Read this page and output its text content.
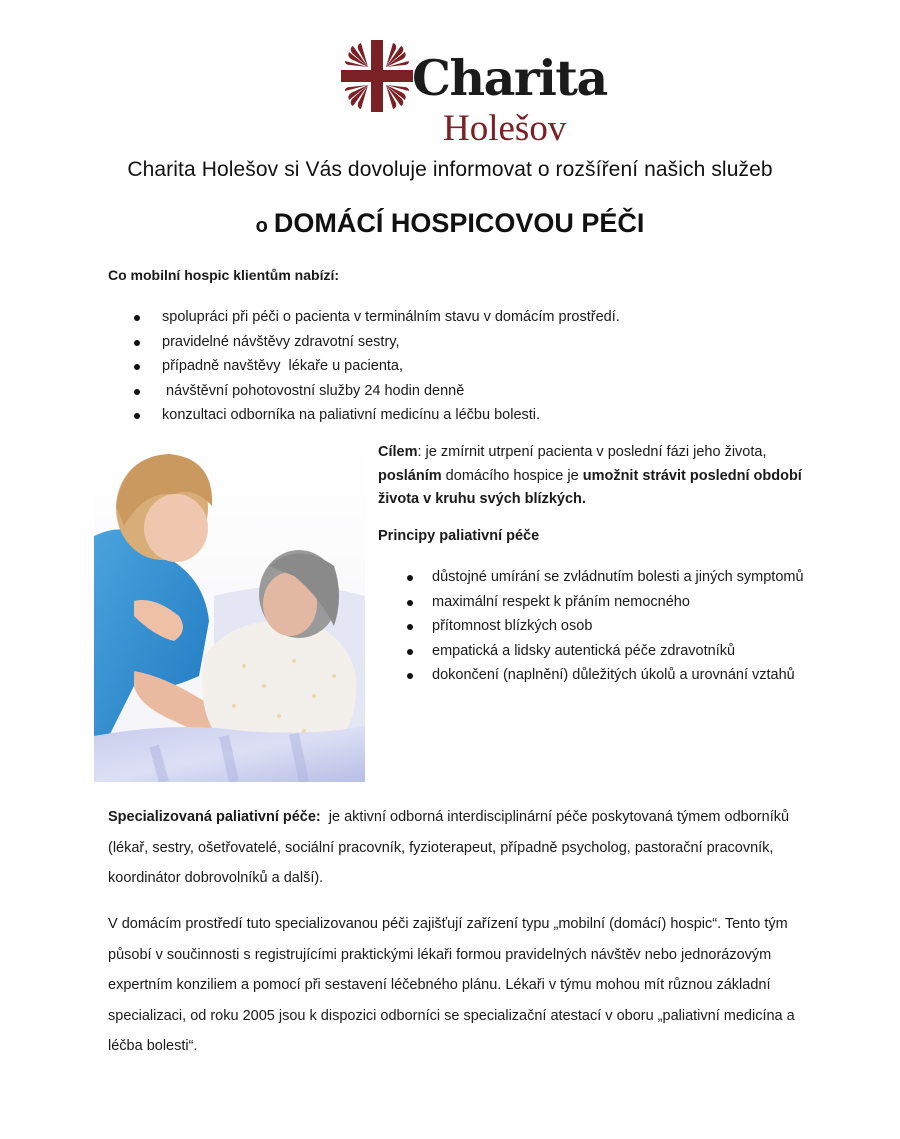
Charita
Holešov
Charita Holešov si Vás dovoluje informovat o rozšíření našich služeb
o DOMÁCÍ HOSPICOVOU PÉČI
Co mobilní hospic klientům nabízí:
spolupráci při péči o pacienta v terminálním stavu v domácím prostředí.
pravidelné návštěvy zdravotní sestry,
případně navštěvy  lékaře u pacienta,
návštěvní pohotovostní služby 24 hodin denně
konzultaci odborníka na paliativní medicínu a léčbu bolesti.
Cílem: je zmírnit utrpení pacienta v poslední fázi jeho života,
posláním domácího hospice je umožnit strávit poslední období života v kruhu svých blízkých.
Principy paliativní péče
důstojné umírání se zvládnutím bolesti a jiných symptomů
maximální respekt k přáním nemocného
přítomnost blízkých osob
empatická a lidsky autentická péče zdravotníků
dokončení (naplnění) důležitých úkolů a urovnání vztahů
Specializovaná paliativní péče:  je aktivní odborná interdisciplinární péče poskytovaná týmem odborníků (lékař, sestry, ošetřovatelé, sociální pracovník, fyzioterapeut, případně psycholog, pastorační pracovník, koordinátor dobrovolníků a další).
V domácím prostředí tuto specializovanou péči zajišťují zařízení typu „mobilní (domácí) hospic“. Tento tým působí v součinnosti s registrujícími praktickými lékaři formou pravidelných návštěv nebo jednorázovým expertním konziliem a pomocí při sestavení léčebného plánu. Lékaři v týmu mohou mít různou základní specializaci, od roku 2005 jsou k dispozici odborníci se specializační atestací v oboru „paliativní medicína a léčba bolesti“.
